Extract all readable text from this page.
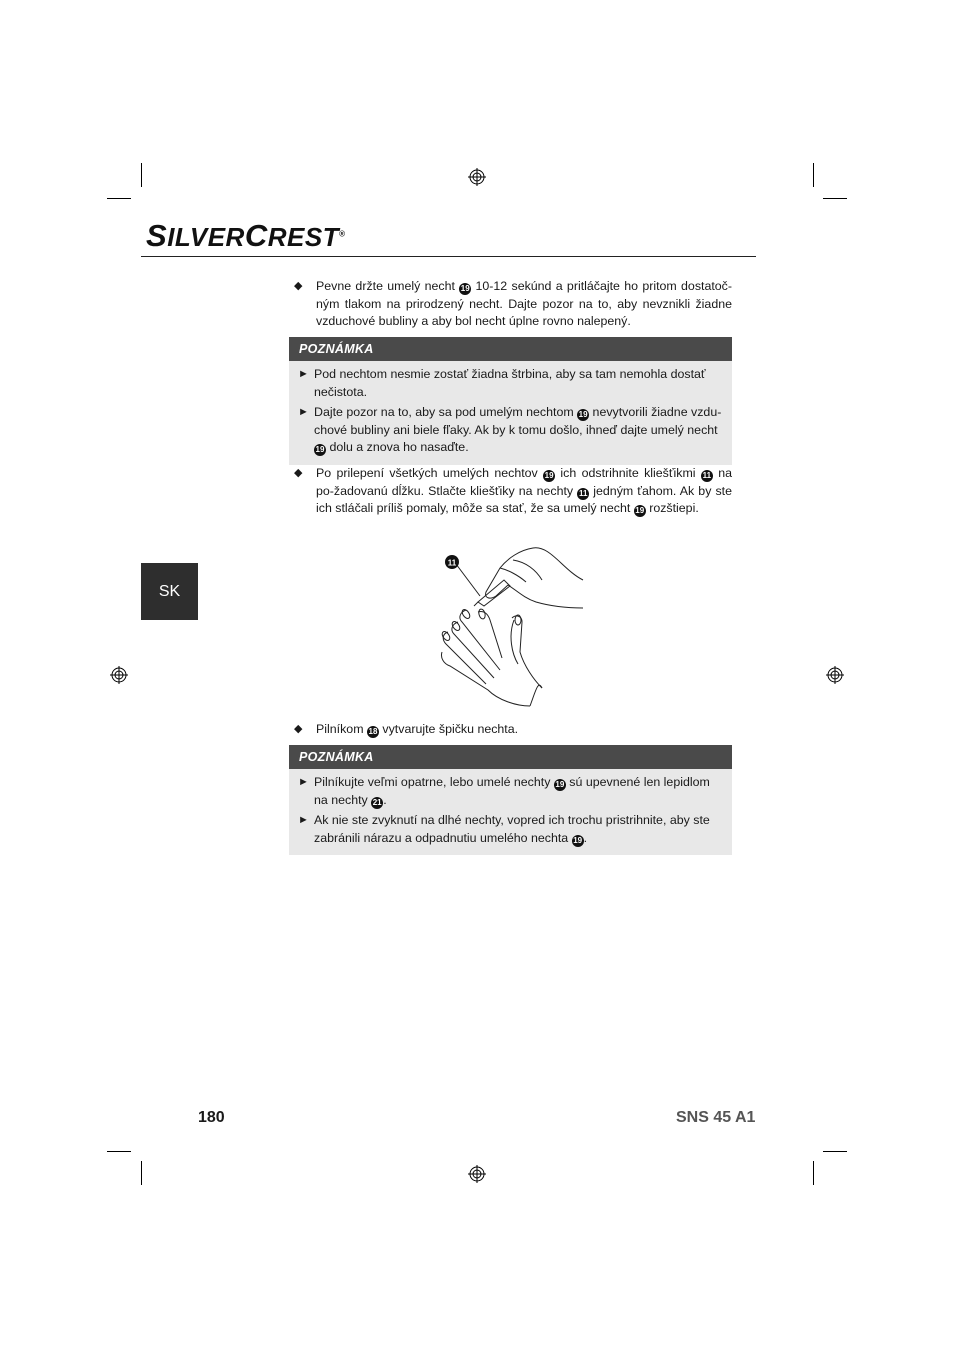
SILVERCREST®
SK
◆ Pevne držte umelý necht 19 10-12 sekúnd a pritláčajte ho pritom dostatoč-ným tlakom na prirodzený necht. Dajte pozor na to, aby nevznikli žiadne vzduchové bubliny a aby bol necht úplne rovno nalepený.
POZNÁMKA
► Pod nechtom nesmie zostať žiadna štrbina, aby sa tam nemohla dostať nečistota.
► Dajte pozor na to, aby sa pod umelým nechtom 19 nevytvorili žiadne vzdu-chové bubliny ani biele fľaky. Ak by k tomu došlo, ihneď dajte umelý necht 19 dolu a znova ho nasaďte.
◆ Po prilepení všetkých umelých nechtov 19 ich odstrihnite kliešťikmi 11 na po-žadovanú dĺžku. Stlačte kliešťiky na nechty 11 jedným ťahom. Ak by ste ich stláčali príliš pomaly, môže sa stať, že sa umelý necht 19 rozštiepi.
11
◆ Pilníkom 18 vytvarujte špičku nechta.
POZNÁMKA
► Pilníkujte veľmi opatrne, lebo umelé nechty 19 sú upevnené len lepidlom na nechty 21 .
► Ak nie ste zvyknutí na dlhé nechty, vopred ich trochu pristrihnite, aby ste zabránili nárazu a odpadnutiu umelého nechta 19 .
180	SNS 45 A1
